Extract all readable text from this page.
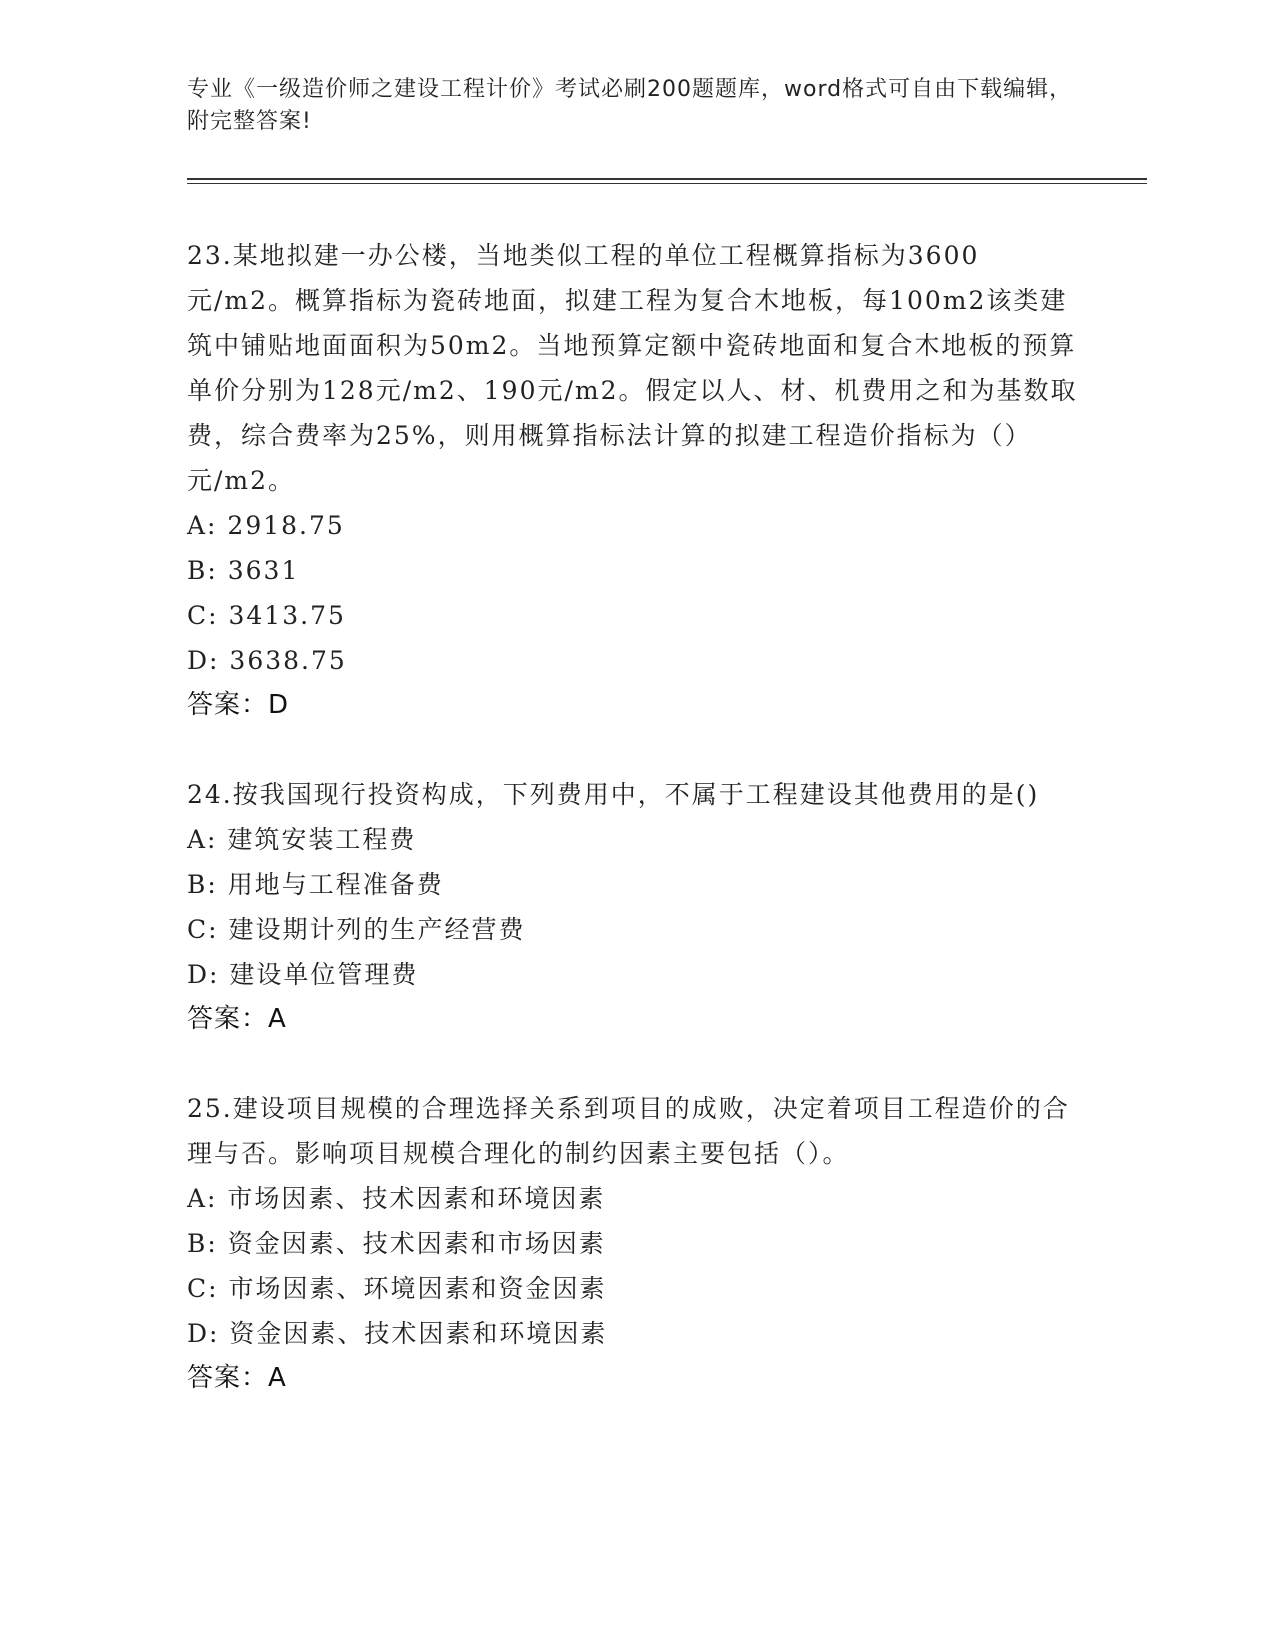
专业《一级造价师之建设工程计价》考试必刷200题题库，word格式可自由下载编辑，附完整答案!

23.某地拟建一办公楼，当地类似工程的单位工程概算指标为3600元/m2。概算指标为瓷砖地面，拟建工程为复合木地板，每100m2该类建筑中铺贴地面面积为50m2。当地预算定额中瓷砖地面和复合木地板的预算单价分别为128元/m2、190元/m2。假定以人、材、机费用之和为基数取费，综合费率为25%，则用概算指标法计算的拟建工程造价指标为（）元/m2。

A: 2918.75

B: 3631

C: 3413.75

D: 3638.75

答案：D

24.按我国现行投资构成，下列费用中，不属于工程建设其他费用的是()

A: 建筑安装工程费

B: 用地与工程准备费

C: 建设期计列的生产经营费

D: 建设单位管理费

答案：A

25.建设项目规模的合理选择关系到项目的成败，决定着项目工程造价的合理与否。影响项目规模合理化的制约因素主要包括（）。

A: 市场因素、技术因素和环境因素

B: 资金因素、技术因素和市场因素

C: 市场因素、环境因素和资金因素

D: 资金因素、技术因素和环境因素

答案：A
